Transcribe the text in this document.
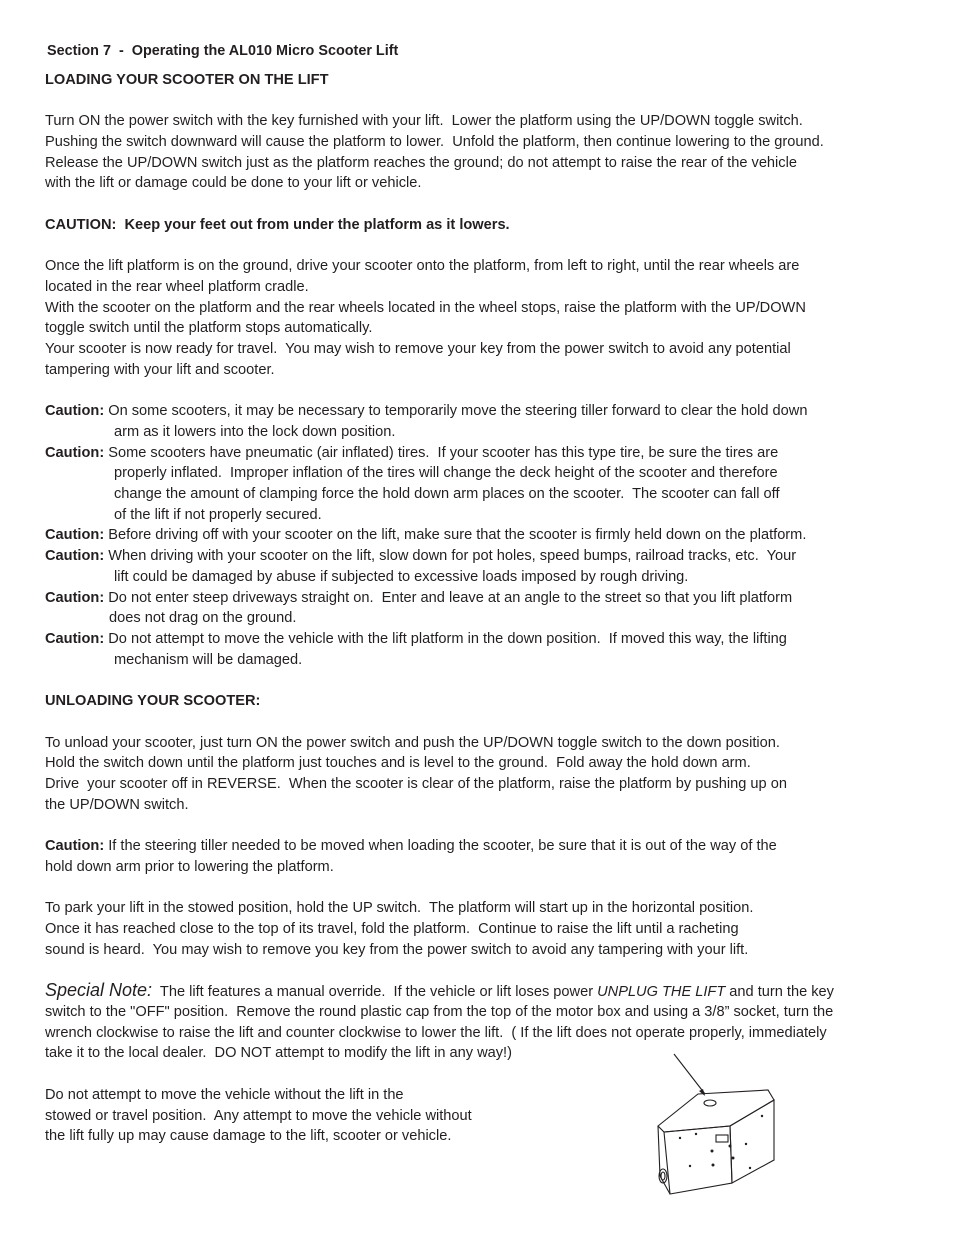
Section 7  -  Operating the AL010 Micro Scooter Lift

LOADING YOUR SCOOTER ON THE LIFT

Turn ON the power switch with the key furnished with your lift.  Lower the platform using the UP/DOWN toggle switch.

Pushing the switch downward will cause the platform to lower.  Unfold the platform, then continue lowering to the ground.

Release the UP/DOWN switch just as the platform reaches the ground; do not attempt to raise the rear of the vehicle

with the lift or damage could be done to your lift or vehicle.

CAUTION:  Keep your feet out from under the platform as it lowers.

Once the lift platform is on the ground, drive your scooter onto the platform, from left to right, until the rear wheels are

located in the rear wheel platform cradle.

With the scooter on the platform and the rear wheels located in the wheel stops, raise the platform with the UP/DOWN

toggle switch until the platform stops automatically.

Your scooter is now ready for travel.  You may wish to remove your key from the power switch to avoid any potential

tampering with your lift and scooter.

Caution: On some scooters, it may be necessary to temporarily move the steering tiller forward to clear the hold down

arm as it lowers into the lock down position.

Caution: Some scooters have pneumatic (air inflated) tires.  If your scooter has this type tire, be sure the tires are

properly inflated.  Improper inflation of the tires will change the deck height of the scooter and therefore

change the amount of clamping force the hold down arm places on the scooter.  The scooter can fall off

of the lift if not properly secured.

Caution: Before driving off with your scooter on the lift, make sure that the scooter is firmly held down on the platform.

Caution: When driving with your scooter on the lift, slow down for pot holes, speed bumps, railroad tracks, etc.  Your

lift could be damaged by abuse if subjected to excessive loads imposed by rough driving.

Caution: Do not enter steep driveways straight on.  Enter and leave at an angle to the street so that you lift platform

does not drag on the ground.

Caution: Do not attempt to move the vehicle with the lift platform in the down position.  If moved this way, the lifting

mechanism will be damaged.

UNLOADING YOUR SCOOTER:

To unload your scooter, just turn ON the power switch and push the UP/DOWN toggle switch to the down position.

Hold the switch down until the platform just touches and is level to the ground.  Fold away the hold down arm.

Drive  your scooter off in REVERSE.  When the scooter is clear of the platform, raise the platform by pushing up on

the UP/DOWN switch.

Caution: If the steering tiller needed to be moved when loading the scooter, be sure that it is out of the way of the

hold down arm prior to lowering the platform.

To park your lift in the stowed position, hold the UP switch.  The platform will start up in the horizontal position.

Once it has reached close to the top of its travel, fold the platform.  Continue to raise the lift until a racheting

sound is heard.  You may wish to remove you key from the power switch to avoid any tampering with your lift.

Special Note:  The lift features a manual override.  If the vehicle or lift loses power UNPLUG THE LIFT and turn the key

switch to the "OFF" position.  Remove the round plastic cap from the top of the motor box and using a 3/8” socket, turn the

wrench clockwise to raise the lift and counter clockwise to lower the lift.  ( If the lift does not operate properly, immediately

take it to the local dealer.  DO NOT attempt to modify the lift in any way!)

Do not attempt to move the vehicle without the lift in the

stowed or travel position.  Any attempt to move the vehicle without

the lift fully up may cause damage to the lift, scooter or vehicle.
